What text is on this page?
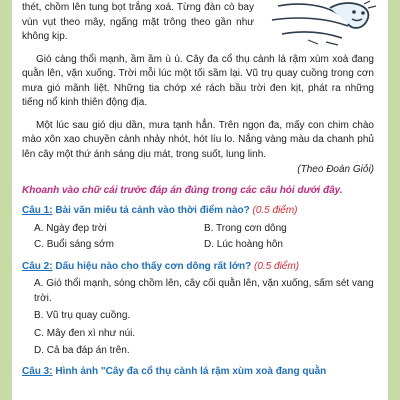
thét, chồm lên tung bọt trắng xoá. Từng đàn cò bay vùn vụt theo mây, ngấng mặt trông theo gần như không kịp.

Gió càng thổi mạnh, ầm ầm ù ù. Cây đa cổ thụ cành lá rậm xùm xoà đang quằn lên, vặn xuống. Trời mỗi lúc một tối sầm lại. Vũ trụ quay cuồng trong cơn mưa gió mãnh liệt. Những tia chớp xé rách bầu trời đen kịt, phát ra những tiếng nổ kinh thiên động địa.

Một lúc sau gió dịu dần, mưa tạnh hẳn. Trên ngọn đa, mấy con chim chào mào xôn xao chuyền cành nhảy nhót, hót líu lo. Nắng vàng màu da chanh phủ lên cây một thứ ánh sáng dịu mát, trong suốt, lung linh.

(Theo Đoàn Giỏi)

Khoanh vào chữ cái trước đáp án đúng trong các câu hỏi dưới đây.

Câu 1: Bài văn miêu tả cảnh vào thời điểm nào? (0.5 điểm)
A. Ngày đẹp trời	B. Trong cơn dông
C. Buổi sáng sớm	D. Lúc hoàng hôn
Câu 2: Dấu hiệu nào cho thấy cơn dông rất lớn? (0.5 điểm)
A. Gió thổi mạnh, sóng chồm lên, cây cối quằn lên, vặn xuống, sấm sét vang trời.
B. Vũ trụ quay cuồng.
C. Mây đen xì như núi.
D. Cả ba đáp án trên.
Câu 3: Hình ảnh "Cây đa cổ thụ cành lá rậm xùm xoà đang quằn
